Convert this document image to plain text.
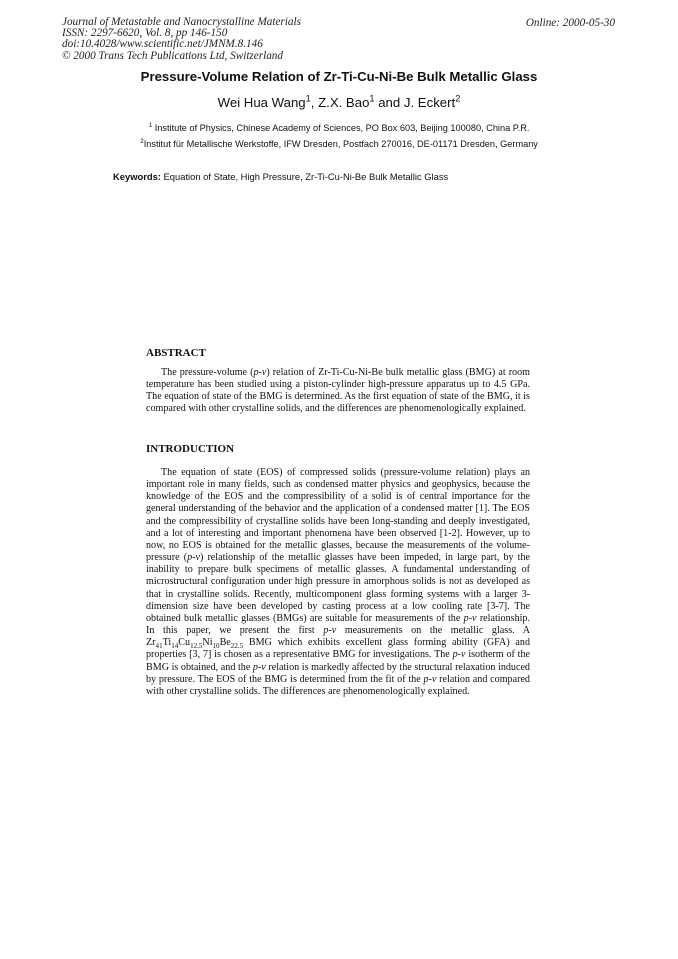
Journal of Metastable and Nanocrystalline Materials
ISSN: 2297-6620, Vol. 8, pp 146-150
doi:10.4028/www.scientific.net/JMNM.8.146
© 2000 Trans Tech Publications Ltd, Switzerland
Online: 2000-05-30
Pressure-Volume Relation of Zr-Ti-Cu-Ni-Be Bulk Metallic Glass
Wei Hua Wang$^1$, Z.X. Bao$^1$ and J. Eckert$^2$
$^1$ Institute of Physics, Chinese Academy of Sciences, PO Box 603, Beijing 100080, China P.R.
$^2$Institut für Metallische Werkstoffe, IFW Dresden, Postfach 270016, DE-01171 Dresden, Germany
Keywords: Equation of State, High Pressure, Zr-Ti-Cu-Ni-Be Bulk Metallic Glass
ABSTRACT

The pressure-volume (p-v) relation of Zr-Ti-Cu-Ni-Be bulk metallic glass (BMG) at room temperature has been studied using a piston-cylinder high-pressure apparatus up to 4.5 GPa. The equation of state of the BMG is determined. As the first equation of state of the BMG, it is compared with other crystalline solids, and the differences are phenomenologically explained.

INTRODUCTION

The equation of state (EOS) of compressed solids (pressure-volume relation) plays an important role in many fields, such as condensed matter physics and geophysics, because the knowledge of the EOS and the compressibility of a solid is of central importance for the general understanding of the behavior and the application of a condensed matter [1]. The EOS and the compressibility of crystalline solids have been long-standing and deeply investigated, and a lot of interesting and important phenomena have been observed [1-2]. However, up to now, no EOS is obtained for the metallic glasses, because the measurements of the volume-pressure (p-v) relationship of the metallic glasses have been impeded, in large part, by the inability to prepare bulk specimens of metallic glasses. A fundamental understanding of microstructural configuration under high pressure in amorphous solids is not as developed as that in crystalline solids. Recently, multicomponent glass forming systems with a larger 3-dimension size have been developed by casting process at a low cooling rate [3-7]. The obtained bulk metallic glasses (BMGs) are suitable for measurements of the p-v relationship. In this paper, we present the first p-v measurements on the metallic glass. A $Zr_{41}Ti_{14}Cu_{12.5}Ni_{10}Be_{22.5}$ BMG which exhibits excellent glass forming ability (GFA) and properties [3, 7] is chosen as a representative BMG for investigations. The p-v isotherm of the BMG is obtained, and the p-v relation is markedly affected by the structural relaxation induced by pressure. The EOS of the BMG is determined from the fit of the p-v relation and compared with other crystalline solids. The differences are phenomenologically explained.
